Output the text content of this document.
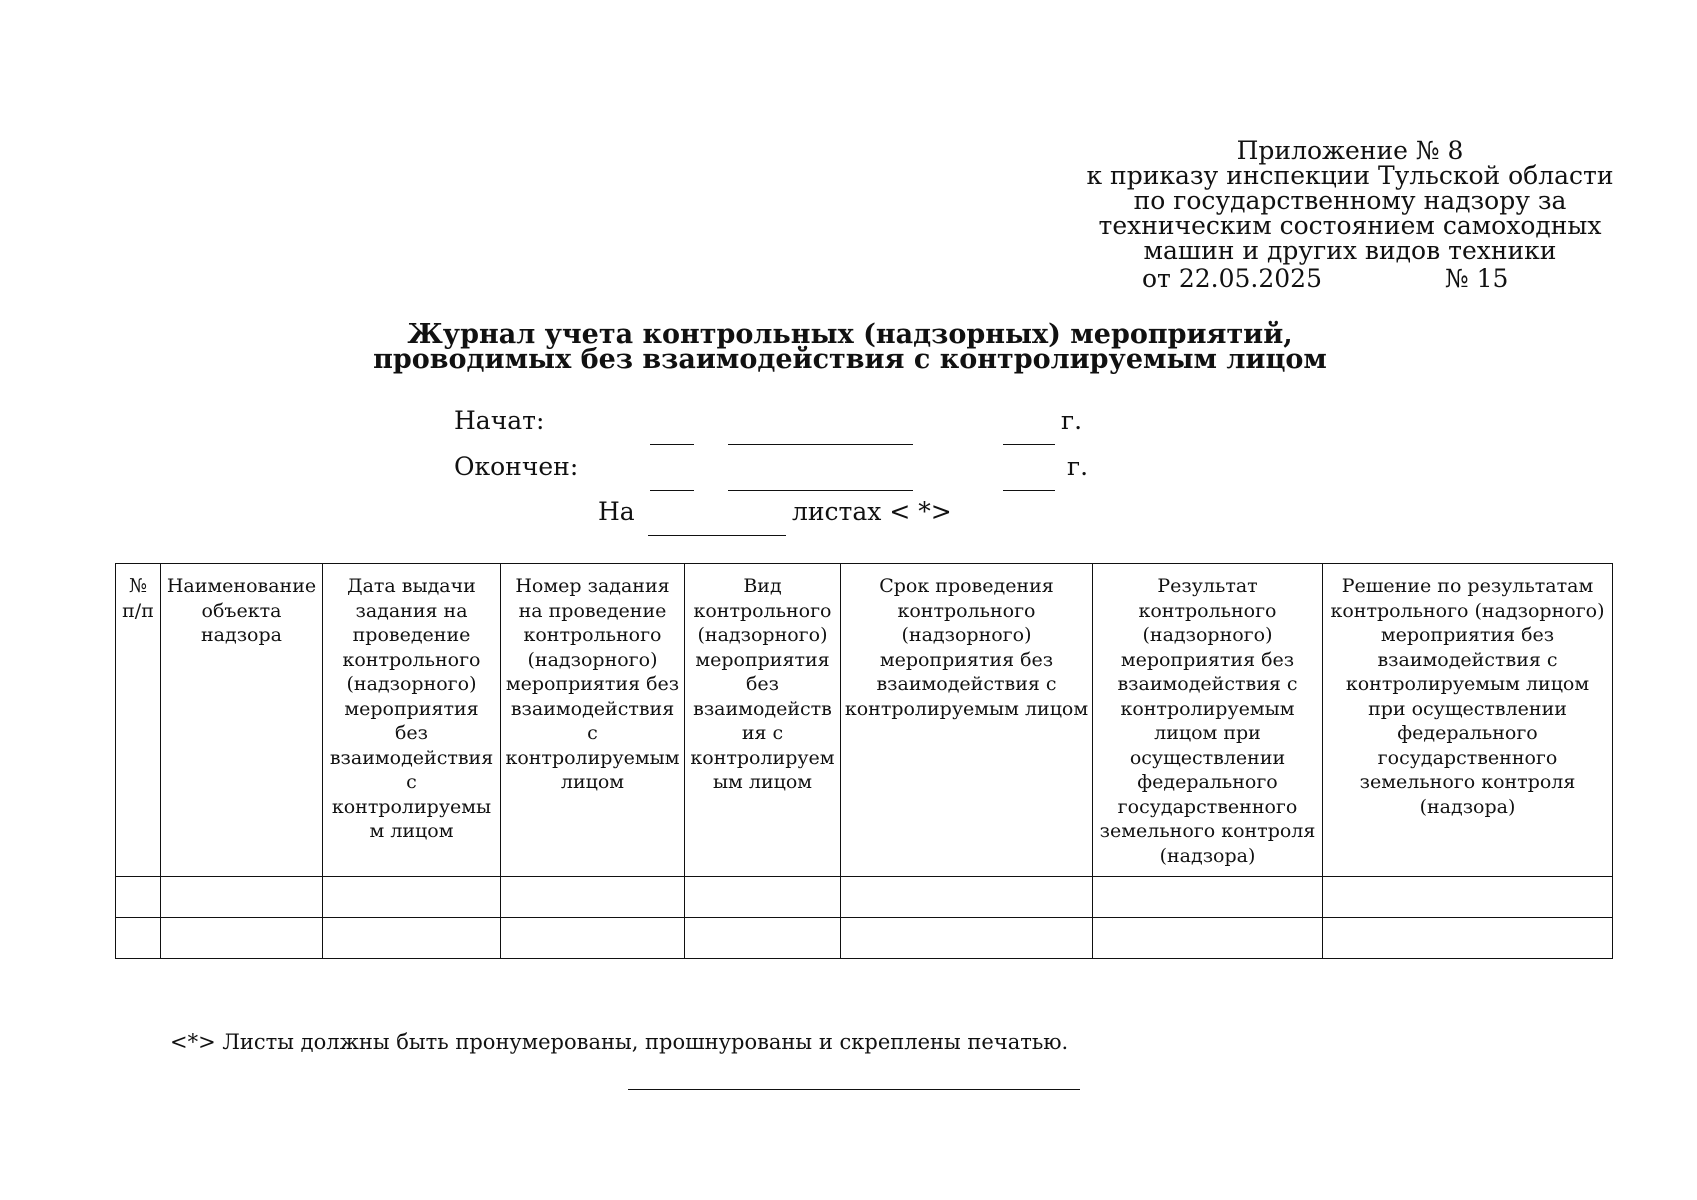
Приложение № 8
к приказу инспекции Тульской области
по государственному надзору за
техническим состоянием самоходных
машин и других видов техники
от 22.05.2025	№ 15
Журнал учета контрольных (надзорных) мероприятий,
проводимых без взаимодействия с контролируемым лицом
Начат:	г.
Окончен:	г.
На	листах < *>
№ п/п	Наименование объекта надзора	Дата выдачи задания на проведение контрольного (надзорного) мероприятия без взаимодействия с контролируемым лицом	Номер задания на проведение контрольного (надзорного) мероприятия без взаимодействия с контролируемым лицом	Вид контрольного (надзорного) мероприятия без взаимодействия с контролируемым лицом	Срок проведения контрольного (надзорного) мероприятия без взаимодействия с контролируемым лицом	Результат контрольного (надзорного) мероприятия без взаимодействия с контролируемым лицом при осуществлении федерального государственного земельного контроля (надзора)	Решение по результатам контрольного (надзорного) мероприятия без взаимодействия с контролируемым лицом при осуществлении федерального государственного земельного контроля (надзора)

<*> Листы должны быть пронумерованы, прошнурованы и скреплены печатью.
